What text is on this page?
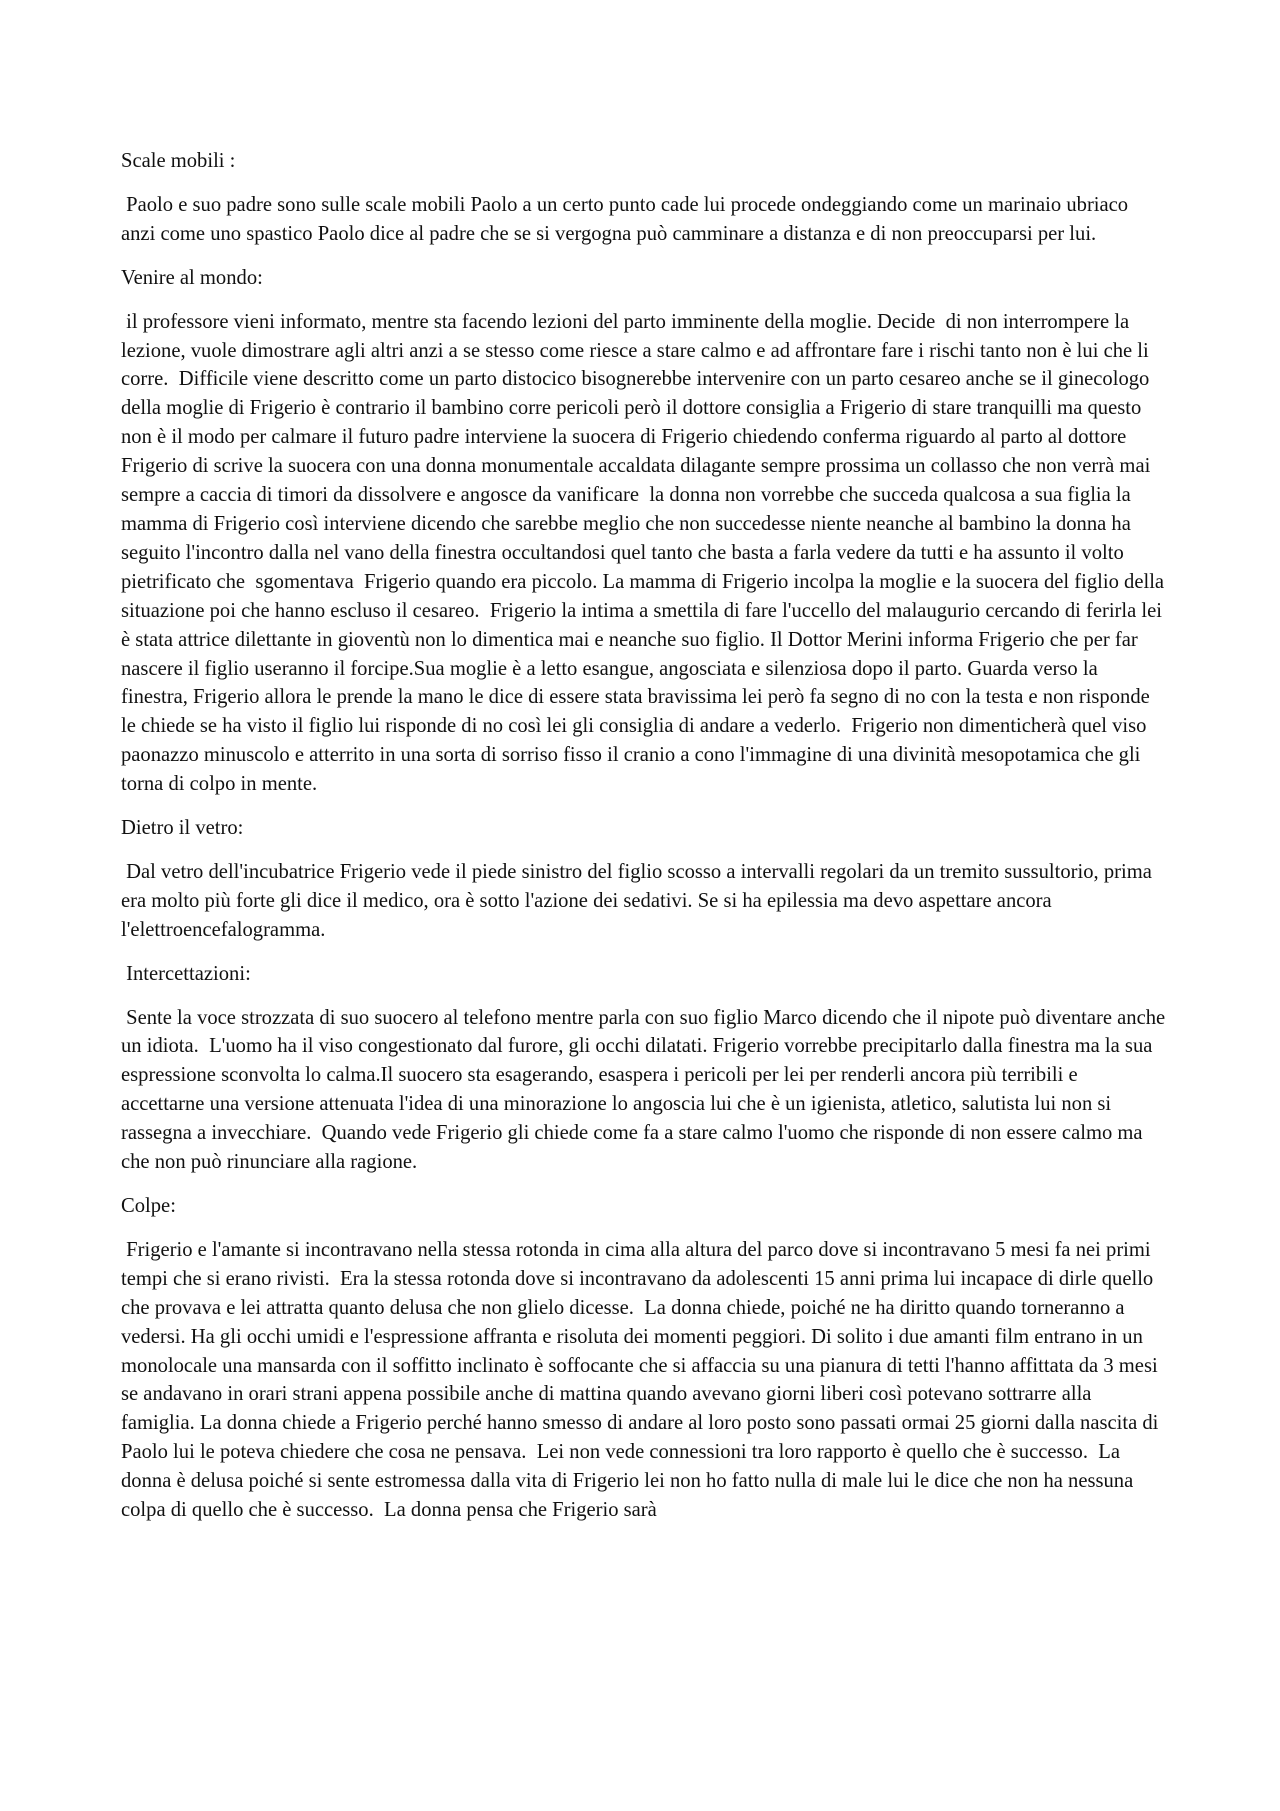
Scale mobili :

Paolo e suo padre sono sulle scale mobili Paolo a un certo punto cade lui procede ondeggiando come un marinaio ubriaco anzi come uno spastico Paolo dice al padre che se si vergogna può camminare a distanza e di non preoccuparsi per lui.

Venire al mondo:

il professore vieni informato, mentre sta facendo lezioni del parto imminente della moglie. Decide  di non interrompere la lezione, vuole dimostrare agli altri anzi a se stesso come riesce a stare calmo e ad affrontare fare i rischi tanto non è lui che li corre.  Difficile viene descritto come un parto distocico bisognerebbe intervenire con un parto cesareo anche se il ginecologo della moglie di Frigerio è contrario il bambino corre pericoli però il dottore consiglia a Frigerio di stare tranquilli ma questo non è il modo per calmare il futuro padre interviene la suocera di Frigerio chiedendo conferma riguardo al parto al dottore Frigerio di scrive la suocera con una donna monumentale accaldata dilagante sempre prossima un collasso che non verrà mai sempre a caccia di timori da dissolvere e angosce da vanificare  la donna non vorrebbe che succeda qualcosa a sua figlia la mamma di Frigerio così interviene dicendo che sarebbe meglio che non succedesse niente neanche al bambino la donna ha seguito l'incontro dalla nel vano della finestra occultandosi quel tanto che basta a farla vedere da tutti e ha assunto il volto pietrificato che  sgomentava  Frigerio quando era piccolo. La mamma di Frigerio incolpa la moglie e la suocera del figlio della situazione poi che hanno escluso il cesareo.  Frigerio la intima a smettila di fare l'uccello del malaugurio cercando di ferirla lei è stata attrice dilettante in gioventù non lo dimentica mai e neanche suo figlio. Il Dottor Merini informa Frigerio che per far nascere il figlio useranno il forcipe.Sua moglie è a letto esangue, angosciata e silenziosa dopo il parto. Guarda verso la finestra, Frigerio allora le prende la mano le dice di essere stata bravissima lei però fa segno di no con la testa e non risponde le chiede se ha visto il figlio lui risponde di no così lei gli consiglia di andare a vederlo.  Frigerio non dimenticherà quel viso paonazzo minuscolo e atterrito in una sorta di sorriso fisso il cranio a cono l'immagine di una divinità mesopotamica che gli torna di colpo in mente.

Dietro il vetro:

Dal vetro dell'incubatrice Frigerio vede il piede sinistro del figlio scosso a intervalli regolari da un tremito sussultorio, prima era molto più forte gli dice il medico, ora è sotto l'azione dei sedativi. Se si ha epilessia ma devo aspettare ancora l'elettroencefalogramma.

Intercettazioni:

Sente la voce strozzata di suo suocero al telefono mentre parla con suo figlio Marco dicendo che il nipote può diventare anche un idiota.  L'uomo ha il viso congestionato dal furore, gli occhi dilatati. Frigerio vorrebbe precipitarlo dalla finestra ma la sua espressione sconvolta lo calma.Il suocero sta esagerando, esaspera i pericoli per lei per renderli ancora più terribili e accettarne una versione attenuata l'idea di una minorazione lo angoscia lui che è un igienista, atletico, salutista lui non si rassegna a invecchiare.  Quando vede Frigerio gli chiede come fa a stare calmo l'uomo che risponde di non essere calmo ma che non può rinunciare alla ragione.

Colpe:

Frigerio e l'amante si incontravano nella stessa rotonda in cima alla altura del parco dove si incontravano 5 mesi fa nei primi tempi che si erano rivisti.  Era la stessa rotonda dove si incontravano da adolescenti 15 anni prima lui incapace di dirle quello che provava e lei attratta quanto delusa che non glielo dicesse.  La donna chiede, poiché ne ha diritto quando torneranno a vedersi. Ha gli occhi umidi e l'espressione affranta e risoluta dei momenti peggiori. Di solito i due amanti film entrano in un monolocale una mansarda con il soffitto inclinato è soffocante che si affaccia su una pianura di tetti l'hanno affittata da 3 mesi se andavano in orari strani appena possibile anche di mattina quando avevano giorni liberi così potevano sottrarre alla famiglia. La donna chiede a Frigerio perché hanno smesso di andare al loro posto sono passati ormai 25 giorni dalla nascita di Paolo lui le poteva chiedere che cosa ne pensava.  Lei non vede connessioni tra loro rapporto è quello che è successo.  La donna è delusa poiché si sente estromessa dalla vita di Frigerio lei non ho fatto nulla di male lui le dice che non ha nessuna colpa di quello che è successo.  La donna pensa che Frigerio sarà
